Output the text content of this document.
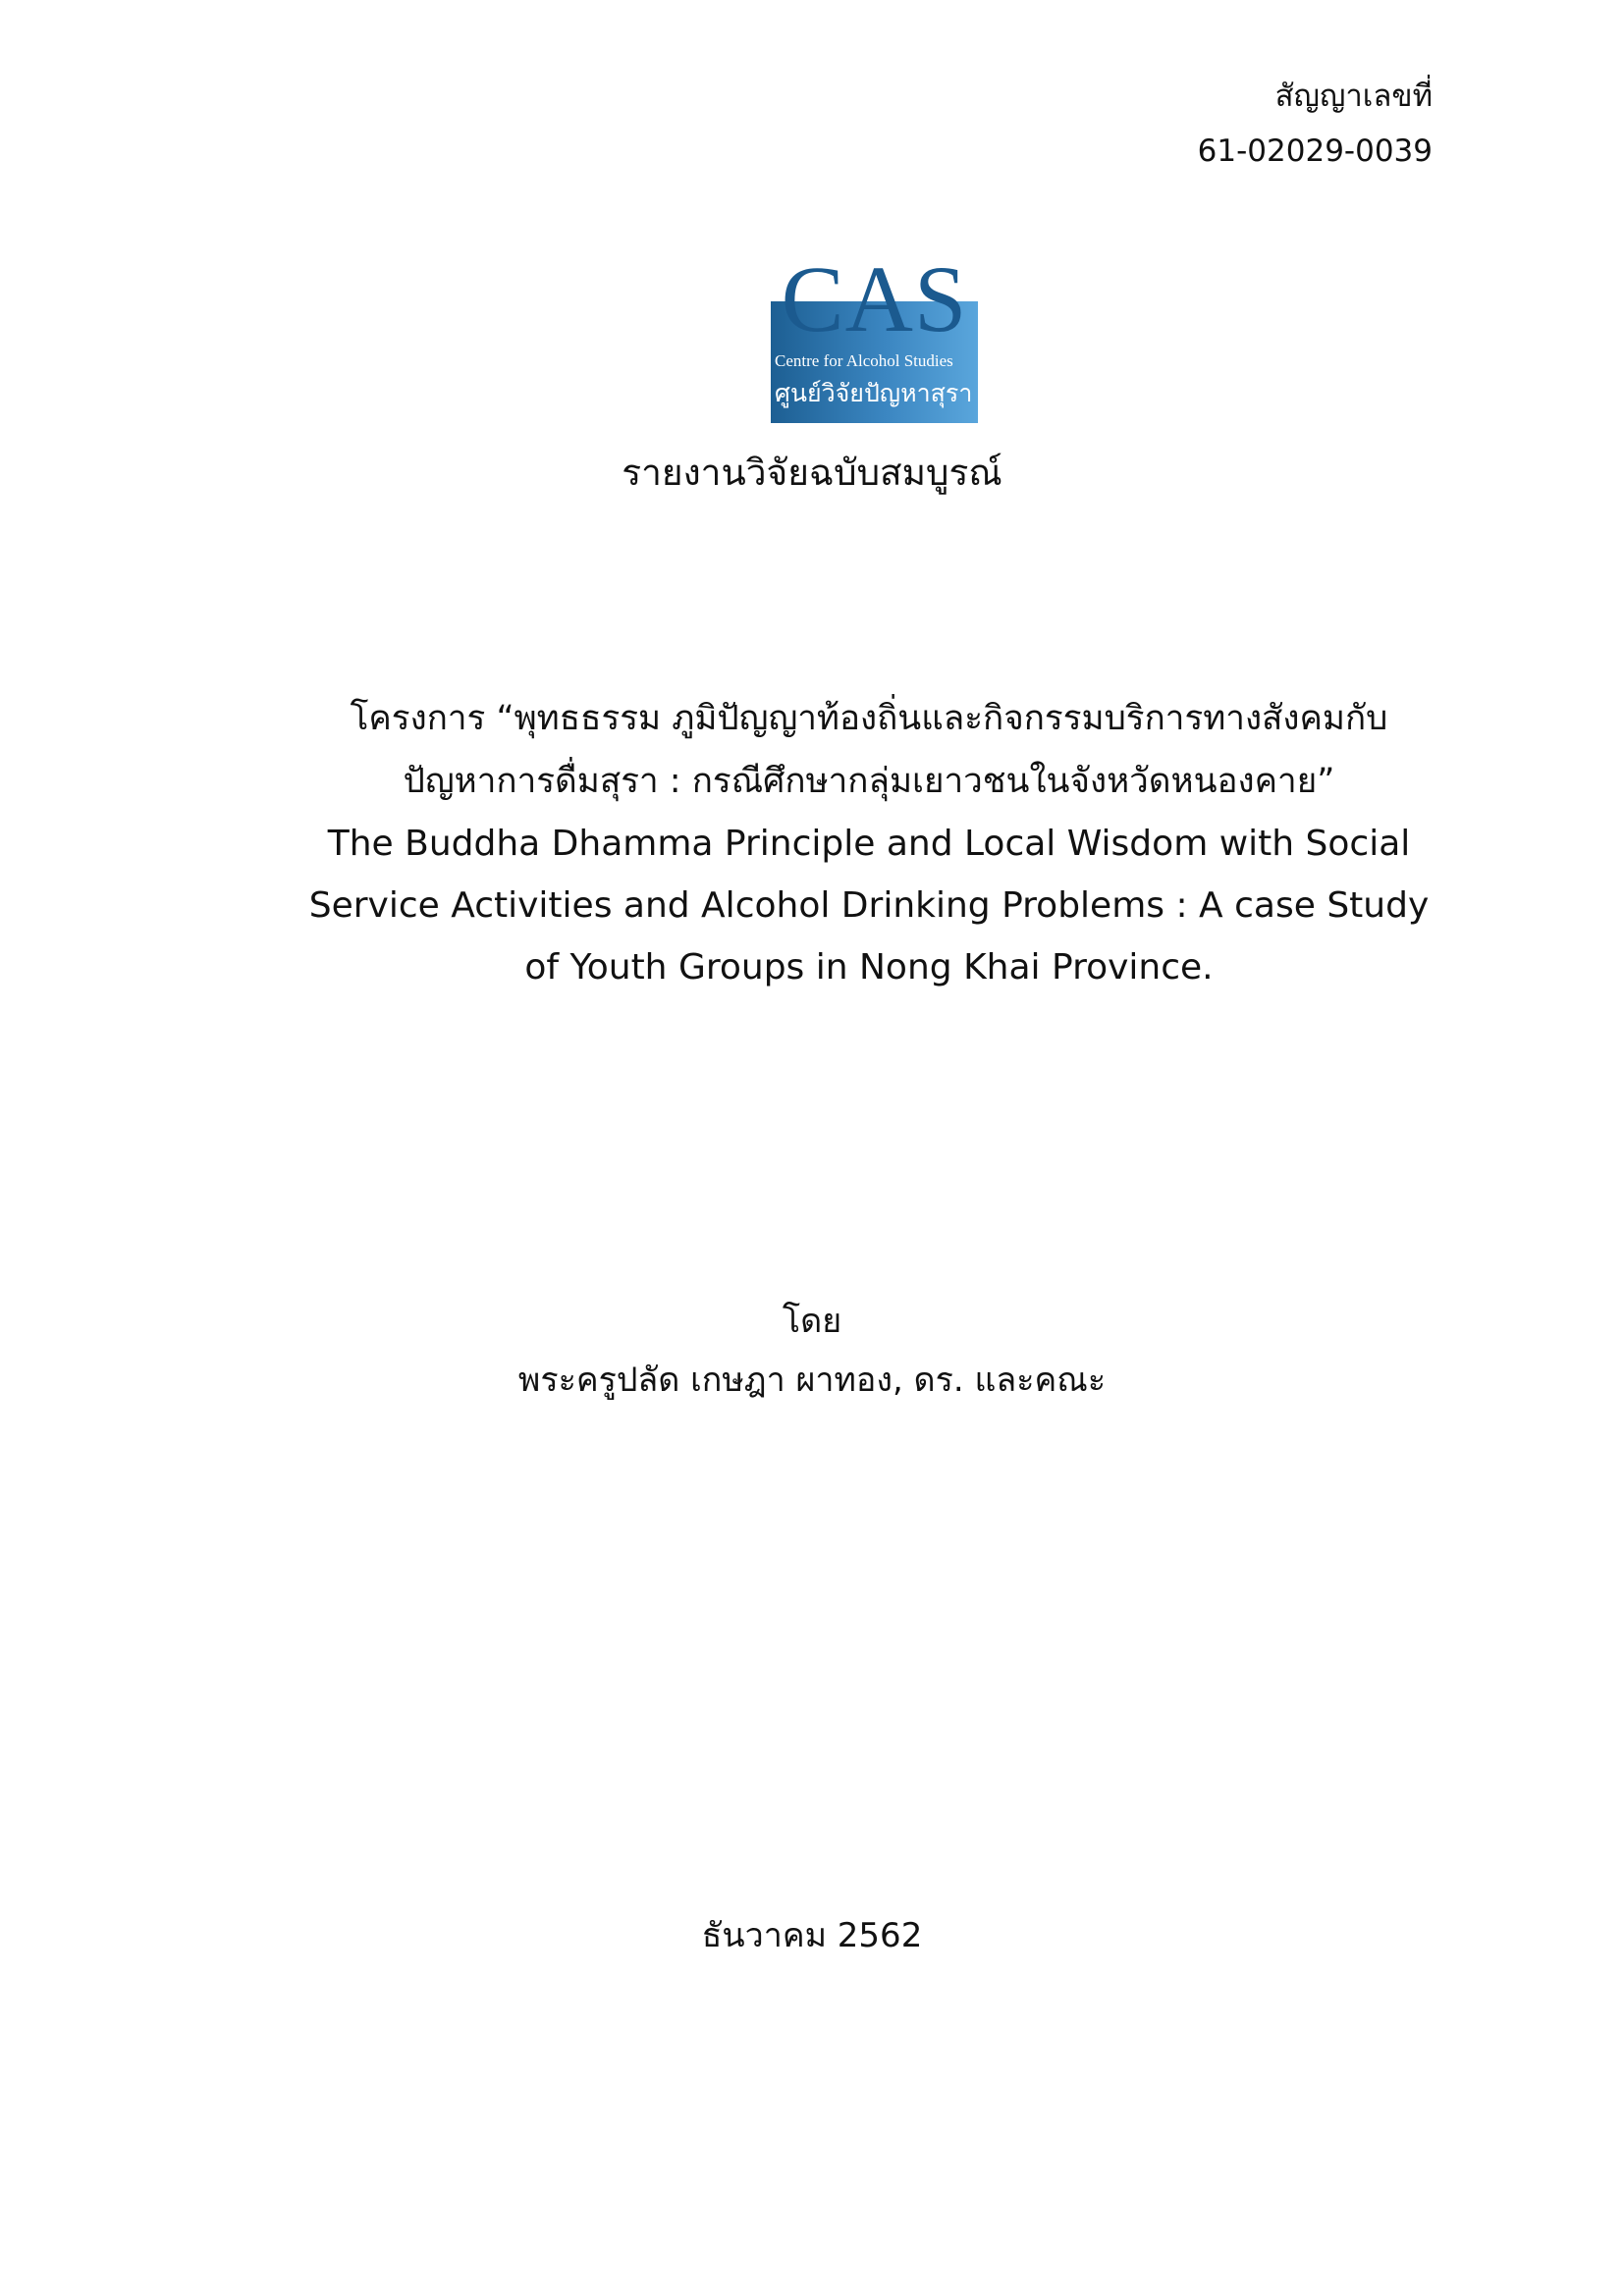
สัญญาเลขที่
61-02029-0039
CAS
Centre for Alcohol Studies
ศูนย์วิจัยปัญหาสุรา
รายงานวิจัยฉบับสมบูรณ์

โครงการ “พุทธธรรม ภูมิปัญญาท้องถิ่นและกิจกรรมบริการทางสังคมกับ

ปัญหาการดื่มสุรา : กรณีศึกษากลุ่มเยาวชนในจังหวัดหนองคาย”

The Buddha Dhamma Principle and Local Wisdom with Social

Service Activities and Alcohol Drinking Problems : A case Study

of Youth Groups in Nong Khai Province.

โดย
พระครูปลัด เกษฎา ผาทอง, ดร. และคณะ
ธันวาคม 2562
